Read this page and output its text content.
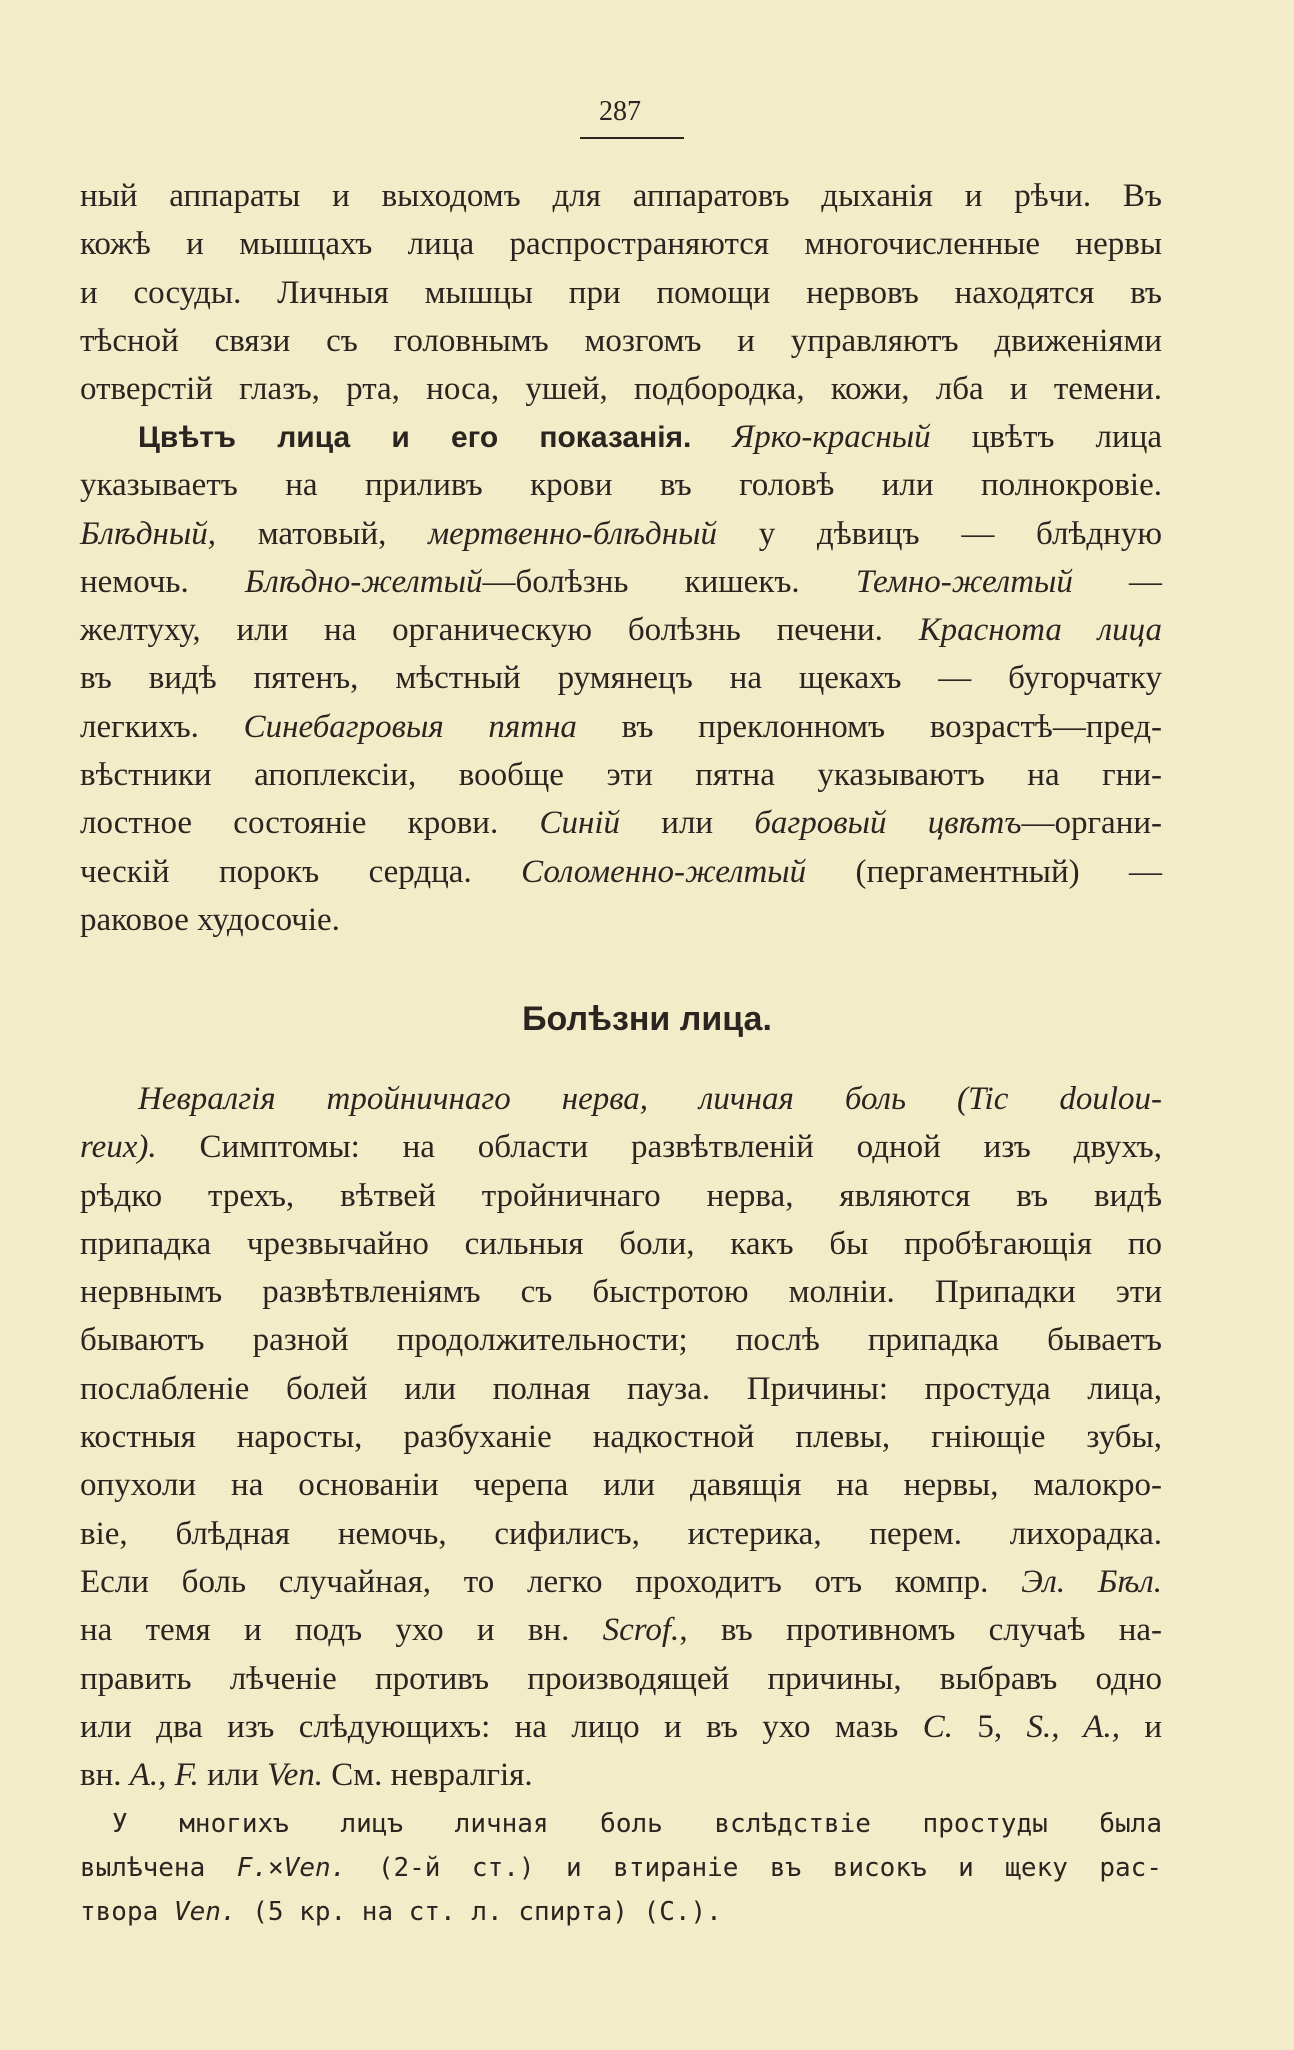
287
ный аппараты и выходомъ для аппаратовъ дыханія и рѣчи. Въ
кожѣ и мышцахъ лица распространяются многочисленные нервы
и сосуды. Личныя мышцы при помощи нервовъ находятся въ
тѣсной связи съ головнымъ мозгомъ и управляютъ движеніями
отверстій глазъ, рта, носа, ушей, подбородка, кожи, лба и темени.
Цвѣтъ лица и его показанія. Ярко-красный цвѣтъ лица
указываетъ на приливъ крови въ головѣ или полнокровіе.
Блѣдный, матовый, мертвенно-блѣдный у дѣвицъ — блѣдную
немочь. Блѣдно-желтый—болѣзнь кишекъ. Темно-желтый —
желтуху, или на органическую болѣзнь печени. Краснота лица
въ видѣ пятенъ, мѣстный румянецъ на щекахъ — бугорчатку
легкихъ. Синебагровыя пятна въ преклонномъ возрастѣ—пред-
вѣстники апоплексіи, вообще эти пятна указываютъ на гни-
лостное состояніе крови. Синій или багровый цвѣтъ—органи-
ческій порокъ сердца. Соломенно-желтый (пергаментный) —
раковое худосочіе.
Болѣзни лица.
Невралгія тройничнаго нерва, личная боль (Tic doulou-
reux). Симптомы: на области развѣтвленій одной изъ двухъ,
рѣдко трехъ, вѣтвей тройничнаго нерва, являются въ видѣ
припадка чрезвычайно сильныя боли, какъ бы пробѣгающія по
нервнымъ развѣтвленіямъ съ быстротою молніи. Припадки эти
бываютъ разной продолжительности; послѣ припадка бываетъ
послабленіе болей или полная пауза. Причины: простуда лица,
костныя наросты, разбуханіе надкостной плевы, гніющіе зубы,
опухоли на основаніи черепа или давящія на нервы, малокро-
віе, блѣдная немочь, сифилисъ, истерика, перем. лихорадка.
Если боль случайная, то легко проходитъ отъ компр. Эл. Бѣл.
на темя и подъ ухо и вн. Scrof., въ противномъ случаѣ на-
править лѣченіе противъ производящей причины, выбравъ одно
или два изъ слѣдующихъ: на лицо и въ ухо мазь C. 5, S., A., и
вн. A., F. или Ven. См. невралгія.
У многихъ лицъ личная боль вслѣдствіе простуды была
вылѣчена F.×Ven. (2-й ст.) и втираніе въ високъ и щеку рас-
твора Ven. (5 кр. на ст. л. спирта) (C.).
